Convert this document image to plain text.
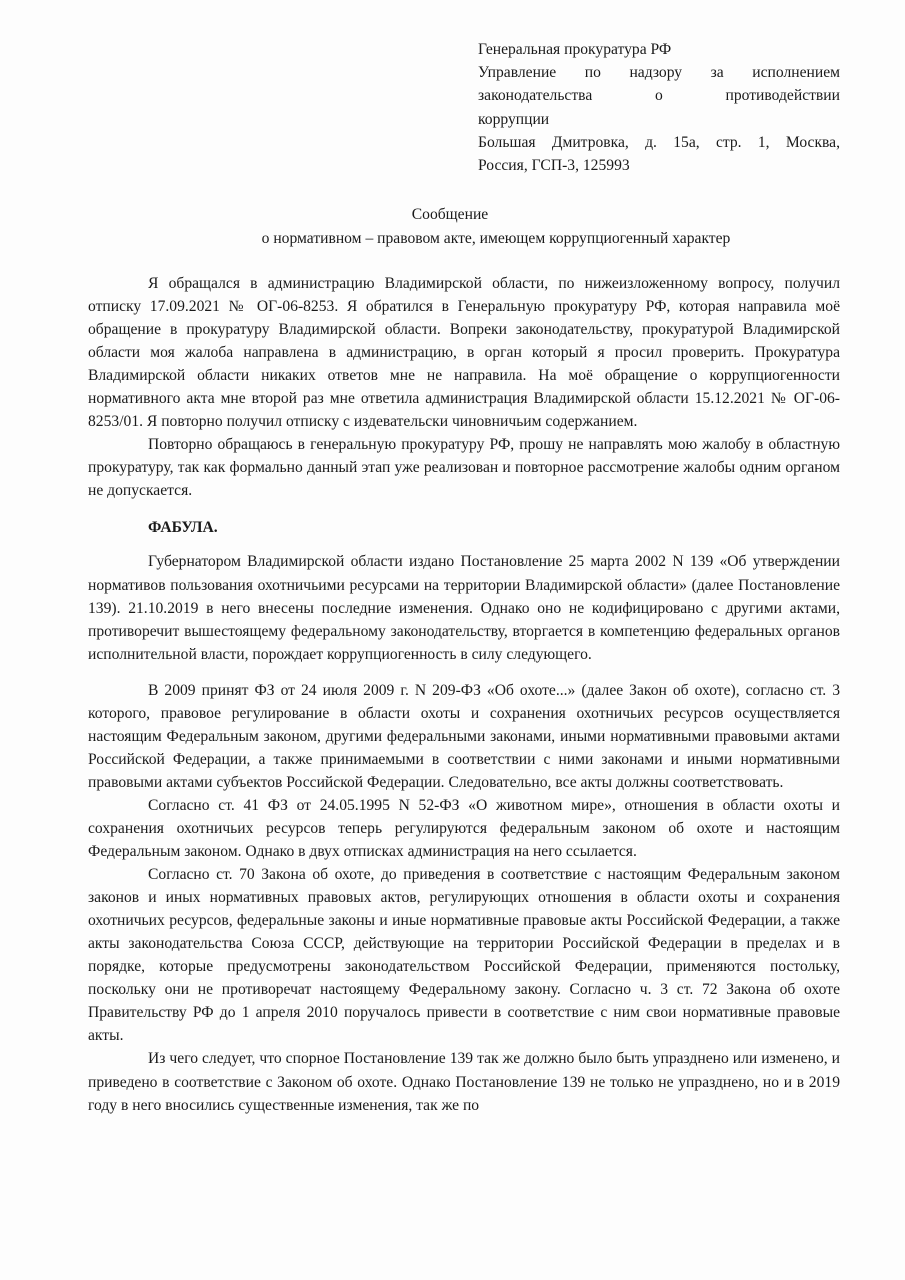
Генеральная прокуратура РФ
Управление по надзору за исполнением
законодательства о противодействии
коррупции
Большая Дмитровка, д. 15а, стр. 1, Москва,
Россия, ГСП-3, 125993
Сообщение
о нормативном – правовом акте, имеющем коррупциогенный характер

Я обращался в администрацию Владимирской области, по нижеизложенному вопросу, получил отписку 17.09.2021 № ОГ-06-8253. Я обратился в Генеральную прокуратуру РФ, которая направила моё обращение в прокуратуру Владимирской области. Вопреки законодательству, прокуратурой Владимирской области моя жалоба направлена в администрацию, в орган который я просил проверить. Прокуратура Владимирской области никаких ответов мне не направила. На моё обращение о коррупциогенности нормативного акта мне второй раз мне ответила администрация Владимирской области 15.12.2021 № ОГ-06-8253/01. Я повторно получил отписку с издевательски чиновничьим содержанием.

Повторно обращаюсь в генеральную прокуратуру РФ, прошу не направлять мою жалобу в областную прокуратуру, так как формально данный этап уже реализован и повторное рассмотрение жалобы одним органом не допускается.

ФАБУЛА.

Губернатором Владимирской области издано Постановление 25 марта 2002 N 139 «Об утверждении нормативов пользования охотничьими ресурсами на территории Владимирской области» (далее Постановление 139). 21.10.2019 в него внесены последние изменения. Однако оно не кодифицировано с другими актами, противоречит вышестоящему федеральному законодательству, вторгается в компетенцию федеральных органов исполнительной власти, порождает коррупциогенность в силу следующего.

В 2009 принят ФЗ от 24 июля 2009 г. N 209-ФЗ «Об охоте...» (далее Закон об охоте), согласно ст. 3 которого, правовое регулирование в области охоты и сохранения охотничьих ресурсов осуществляется настоящим Федеральным законом, другими федеральными законами, иными нормативными правовыми актами Российской Федерации, а также принимаемыми в соответствии с ними законами и иными нормативными правовыми актами субъектов Российской Федерации. Следовательно, все акты должны соответствовать.

Согласно ст. 41 ФЗ от 24.05.1995 N 52-ФЗ «О животном мире», отношения в области охоты и сохранения охотничьих ресурсов теперь регулируются федеральным законом об охоте и настоящим Федеральным законом. Однако в двух отписках администрация на него ссылается.

Согласно ст. 70 Закона об охоте, до приведения в соответствие с настоящим Федеральным законом законов и иных нормативных правовых актов, регулирующих отношения в области охоты и сохранения охотничьих ресурсов, федеральные законы и иные нормативные правовые акты Российской Федерации, а также акты законодательства Союза СССР, действующие на территории Российской Федерации в пределах и в порядке, которые предусмотрены законодательством Российской Федерации, применяются постольку, поскольку они не противоречат настоящему Федеральному закону. Согласно ч. 3 ст. 72 Закона об охоте Правительству РФ до 1 апреля 2010 поручалось привести в соответствие с ним свои нормативные правовые акты.

Из чего следует, что спорное Постановление 139 так же должно было быть упразднено или изменено, и приведено в соответствие с Законом об охоте. Однако Постановление 139 не только не упразднено, но и в 2019 году в него вносились существенные изменения, так же по
